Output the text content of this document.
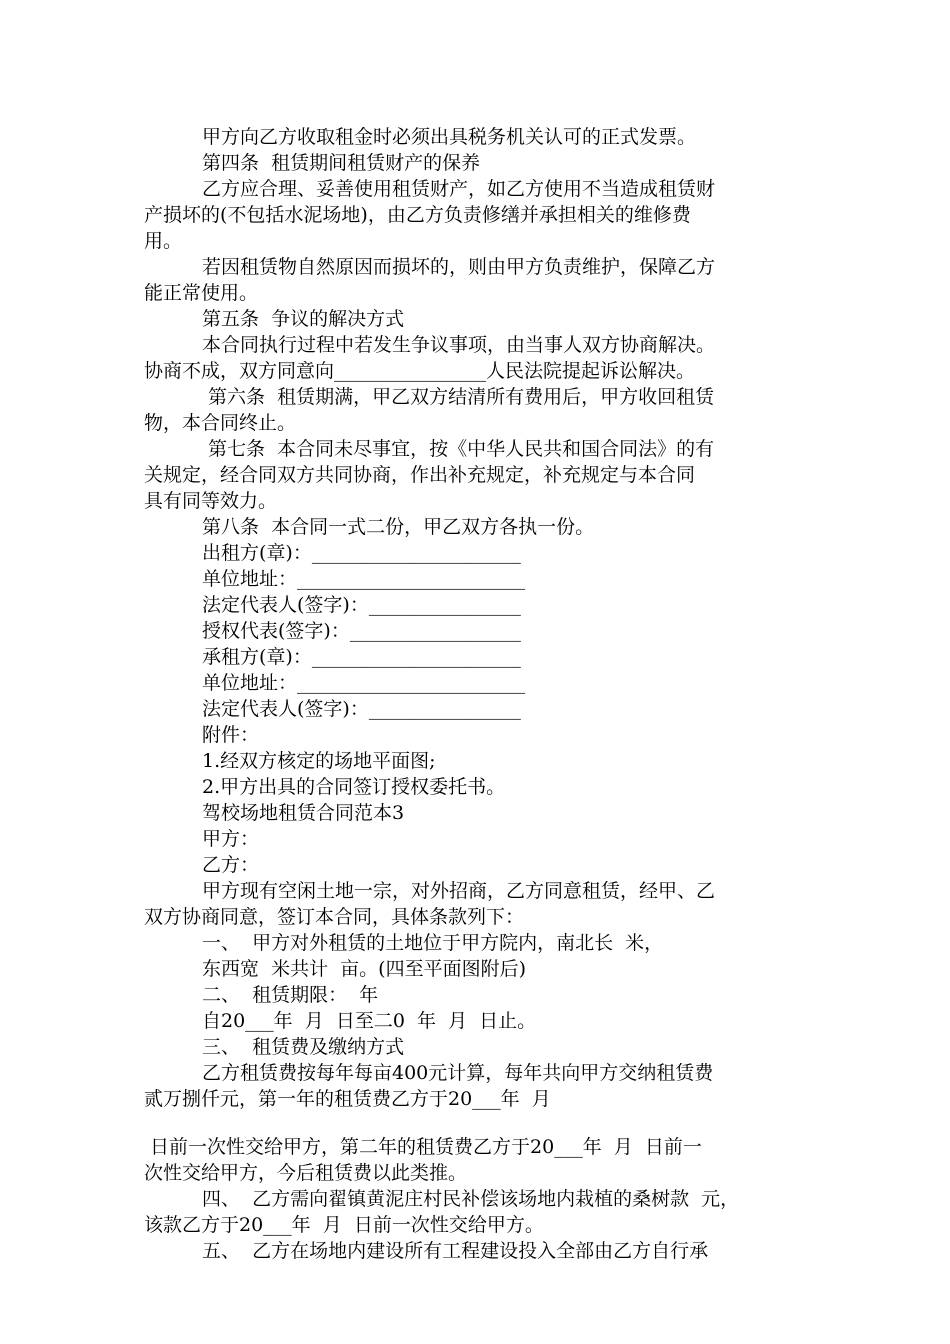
甲方向乙方收取租金时必须出具税务机关认可的正式发票。
第四条  租赁期间租赁财产的保养
乙方应合理、妥善使用租赁财产，如乙方使用不当造成租赁财
产损坏的(不包括水泥场地)，由乙方负责修缮并承担相关的维修费
用。
若因租赁物自然原因而损坏的，则由甲方负责维护，保障乙方
能正常使用。
第五条  争议的解决方式
本合同执行过程中若发生争议事项，由当事人双方协商解决。
协商不成，双方同意向________________人民法院提起诉讼解决。
第六条  租赁期满，甲乙双方结清所有费用后，甲方收回租赁
物，本合同终止。
第七条  本合同未尽事宜，按《中华人民共和国合同法》的有
关规定，经合同双方共同协商，作出补充规定，补充规定与本合同
具有同等效力。
第八条  本合同一式二份，甲乙双方各执一份。
出租方(章)：______________________
单位地址：________________________
法定代表人(签字)：________________
授权代表(签字)：__________________
承租方(章)：______________________
单位地址：________________________
法定代表人(签字)：________________
附件：
1.经双方核定的场地平面图;
2.甲方出具的合同签订授权委托书。
驾校场地租赁合同范本3
甲方：
乙方：
甲方现有空闲土地一宗，对外招商，乙方同意租赁，经甲、乙
双方协商同意，签订本合同，具体条款列下：
一、  甲方对外租赁的土地位于甲方院内，南北长  米，
东西宽  米共计  亩。(四至平面图附后)
二、  租赁期限：  年
自20___年  月  日至二0  年  月  日止。
三、  租赁费及缴纳方式
乙方租赁费按每年每亩400元计算，每年共向甲方交纳租赁费
贰万捌仟元，第一年的租赁费乙方于20___年  月
日前一次性交给甲方，第二年的租赁费乙方于20___年  月  日前一
次性交给甲方，今后租赁费以此类推。
四、  乙方需向翟镇黄泥庄村民补偿该场地内栽植的桑树款  元，
该款乙方于20___年  月  日前一次性交给甲方。
五、  乙方在场地内建设所有工程建设投入全部由乙方自行承
